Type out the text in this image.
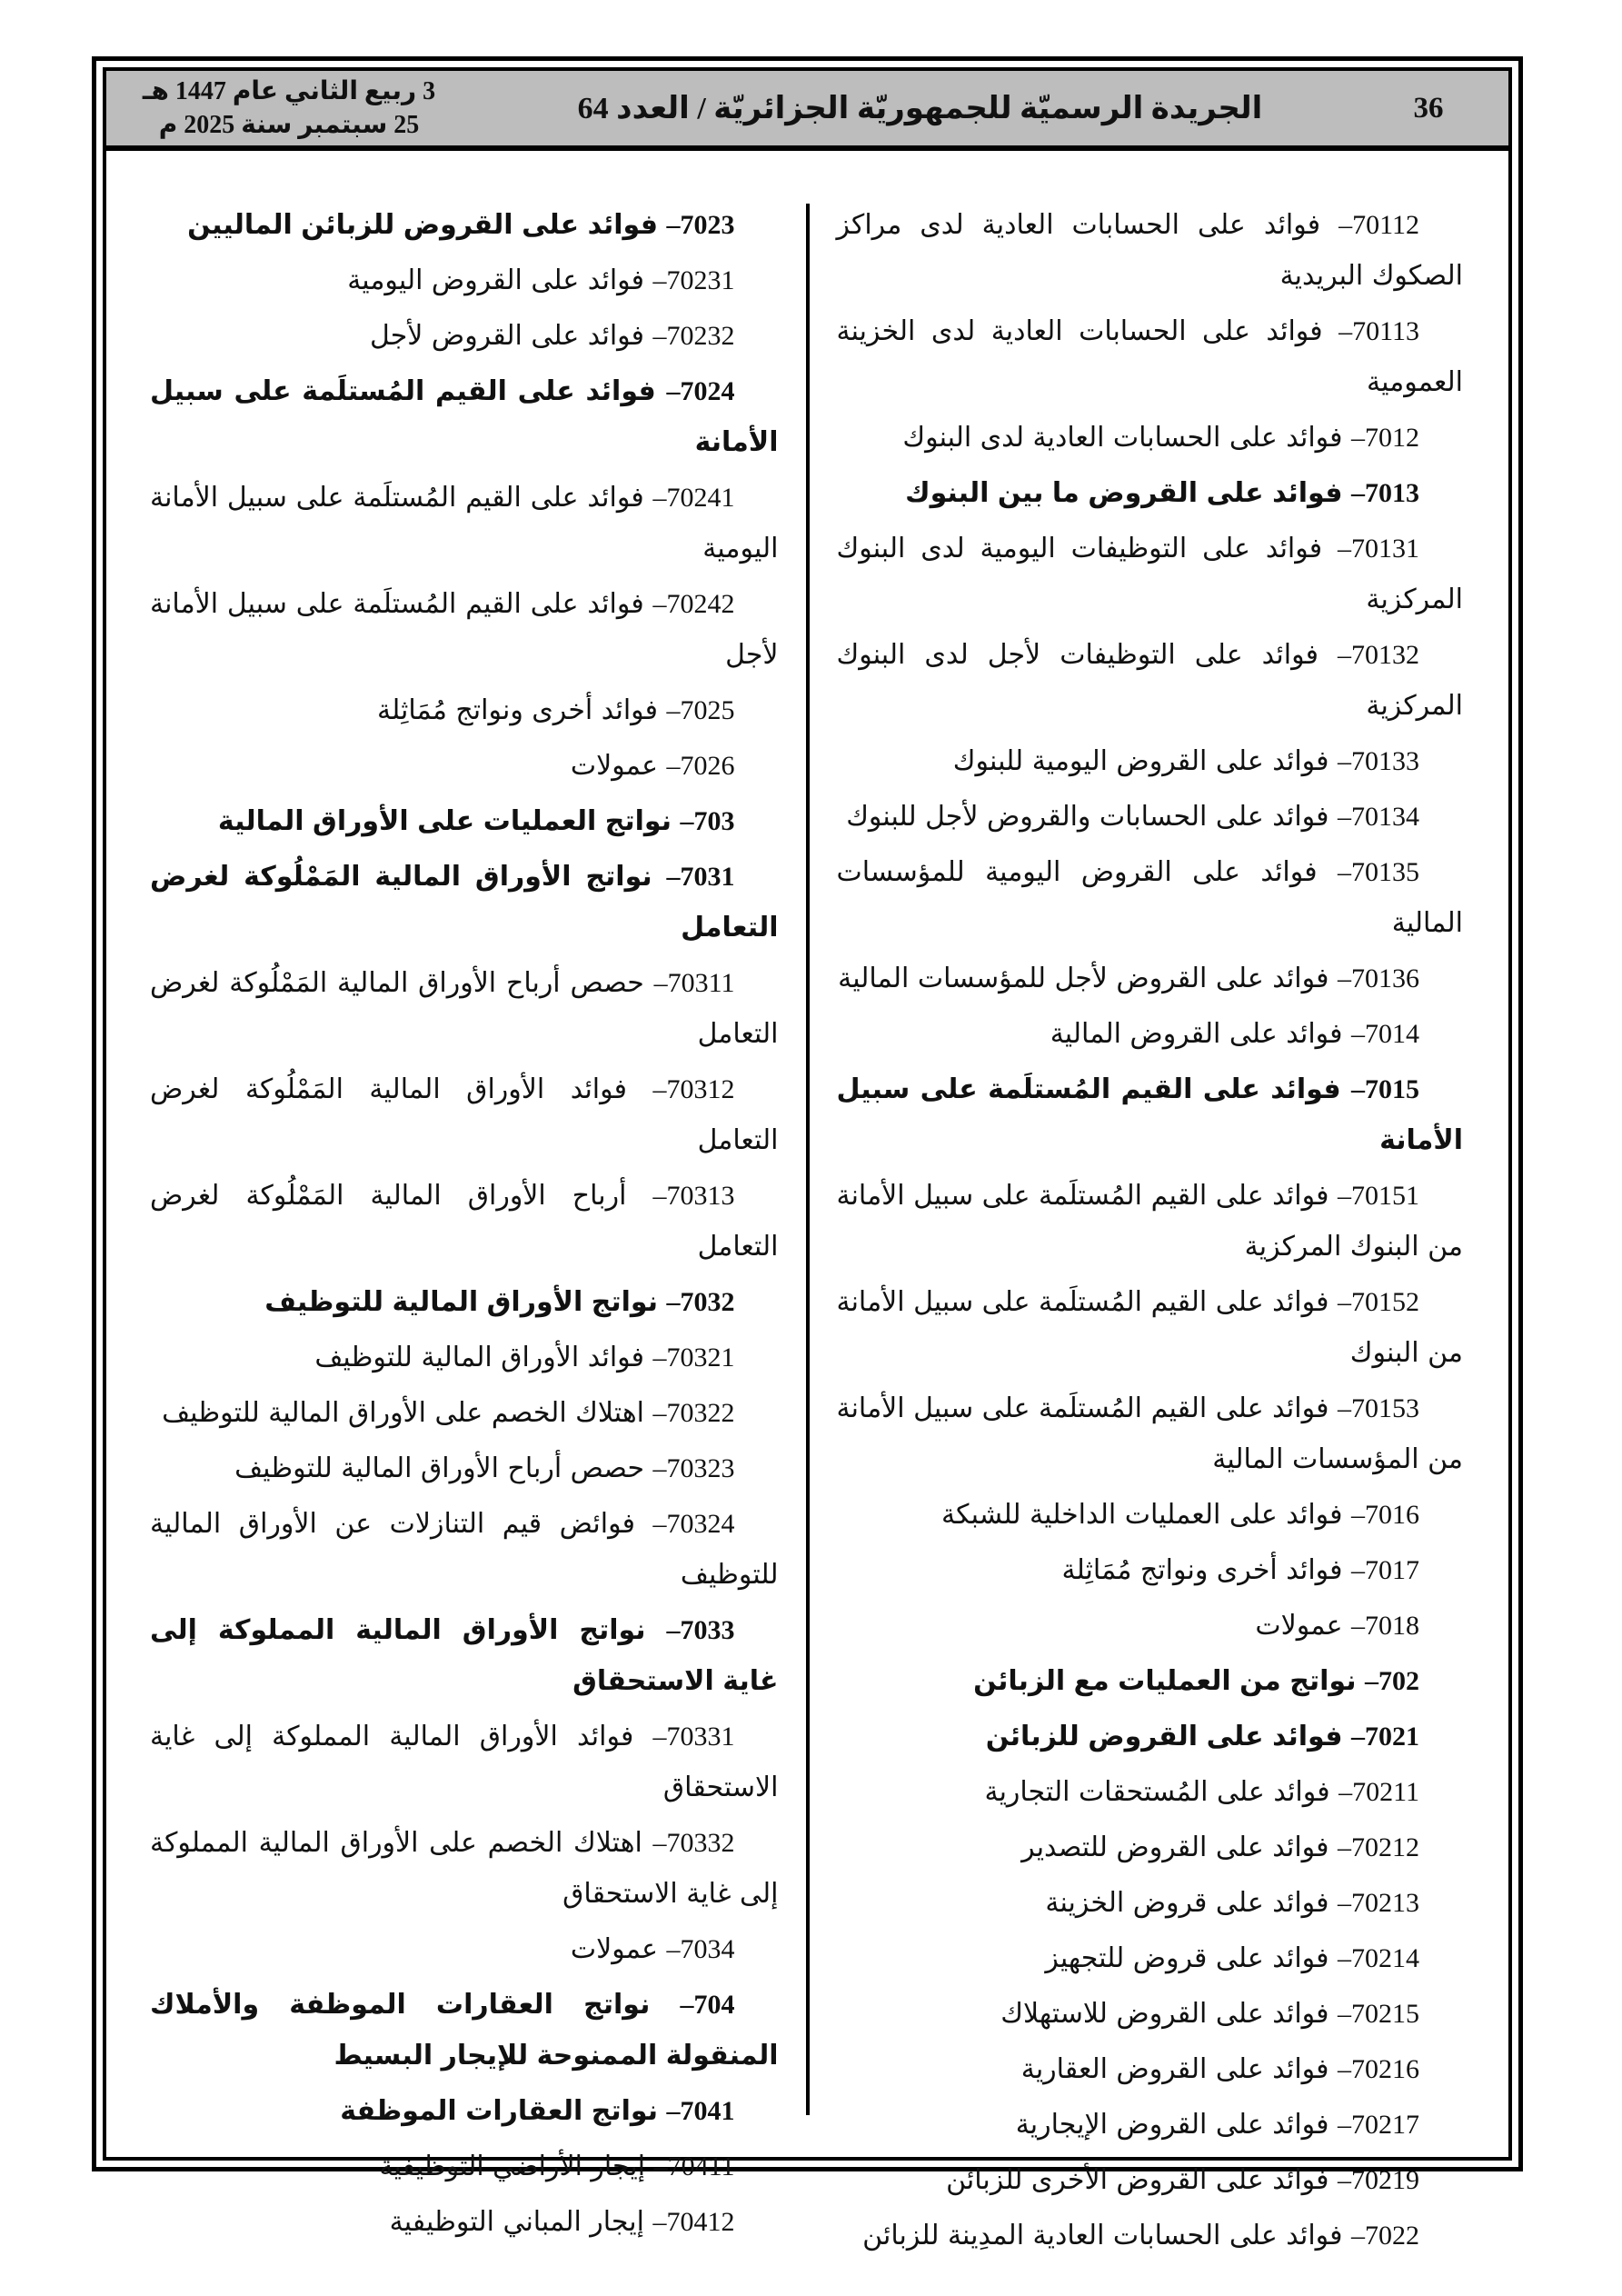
36
الجريدة الرسميّة للجمهوريّة الجزائريّة / العدد 64
3 ربيع الثاني عام 1447 هـ
25 سبتمبر سنة 2025 م

70112– فوائد على الحسابات العادية لدى مراكز الصكوك البريدية

70113– فوائد على الحسابات العادية لدى الخزينة العمومية

7012– فوائد على الحسابات العادية لدى البنوك

7013– فوائد على القروض ما بين البنوك

70131– فوائد على التوظيفات اليومية لدى البنوك المركزية

70132– فوائد على التوظيفات لأجل لدى البنوك المركزية

70133– فوائد على القروض اليومية للبنوك

70134– فوائد على الحسابات والقروض لأجل للبنوك

70135– فوائد على القروض اليومية للمؤسسات المالية

70136– فوائد على القروض لأجل للمؤسسات المالية

7014– فوائد على القروض المالية

7015– فوائد على القيم المُستلَمة على سبيل الأمانة

70151– فوائد على القيم المُستلَمة على سبيل الأمانة من البنوك المركزية

70152– فوائد على القيم المُستلَمة على سبيل الأمانة من البنوك

70153– فوائد على القيم المُستلَمة على سبيل الأمانة من المؤسسات المالية

7016– فوائد على العمليات الداخلية للشبكة

7017– فوائد أخرى ونواتج مُمَاثِلة

7018– عمولات

702– نواتج من العمليات مع الزبائن

7021– فوائد على القروض للزبائن

70211– فوائد على المُستحقات التجارية

70212– فوائد على القروض للتصدير

70213– فوائد على قروض الخزينة

70214– فوائد على قروض للتجهيز

70215– فوائد على القروض للاستهلاك

70216– فوائد على القروض العقارية

70217– فوائد على القروض الإيجارية

70219– فوائد على القروض الأخرى للزبائن

7022– فوائد على الحسابات العادية المدِينة للزبائن

7023– فوائد على القروض للزبائن الماليين

70231– فوائد على القروض اليومية

70232– فوائد على القروض لأجل

7024– فوائد على القيم المُستلَمة على سبيل الأمانة

70241– فوائد على القيم المُستلَمة على سبيل الأمانة اليومية

70242– فوائد على القيم المُستلَمة على سبيل الأمانة لأجل

7025– فوائد أخرى ونواتج مُمَاثِلة

7026– عمولات

703– نواتج العمليات على الأوراق المالية

7031– نواتج الأوراق المالية المَمْلُوكة لغرض التعامل

70311– حصص أرباح الأوراق المالية المَمْلُوكة لغرض التعامل

70312– فوائد الأوراق المالية المَمْلُوكة لغرض التعامل

70313– أرباح الأوراق المالية المَمْلُوكة لغرض التعامل

7032– نواتج الأوراق المالية للتوظيف

70321– فوائد الأوراق المالية للتوظيف

70322– اهتلاك الخصم على الأوراق المالية للتوظيف

70323– حصص أرباح الأوراق المالية للتوظيف

70324– فوائض قيم التنازلات عن الأوراق المالية للتوظيف

7033– نواتج الأوراق المالية المملوكة إلى غاية الاستحقاق

70331– فوائد الأوراق المالية المملوكة إلى غاية الاستحقاق

70332– اهتلاك الخصم على الأوراق المالية المملوكة إلى غاية الاستحقاق

7034– عمولات

704– نواتج العقارات الموظفة والأملاك المنقولة الممنوحة للإيجار البسيط

7041– نواتج العقارات الموظفة

70411– إيجار الأراضي التوظيفية

70412– إيجار المباني التوظيفية
